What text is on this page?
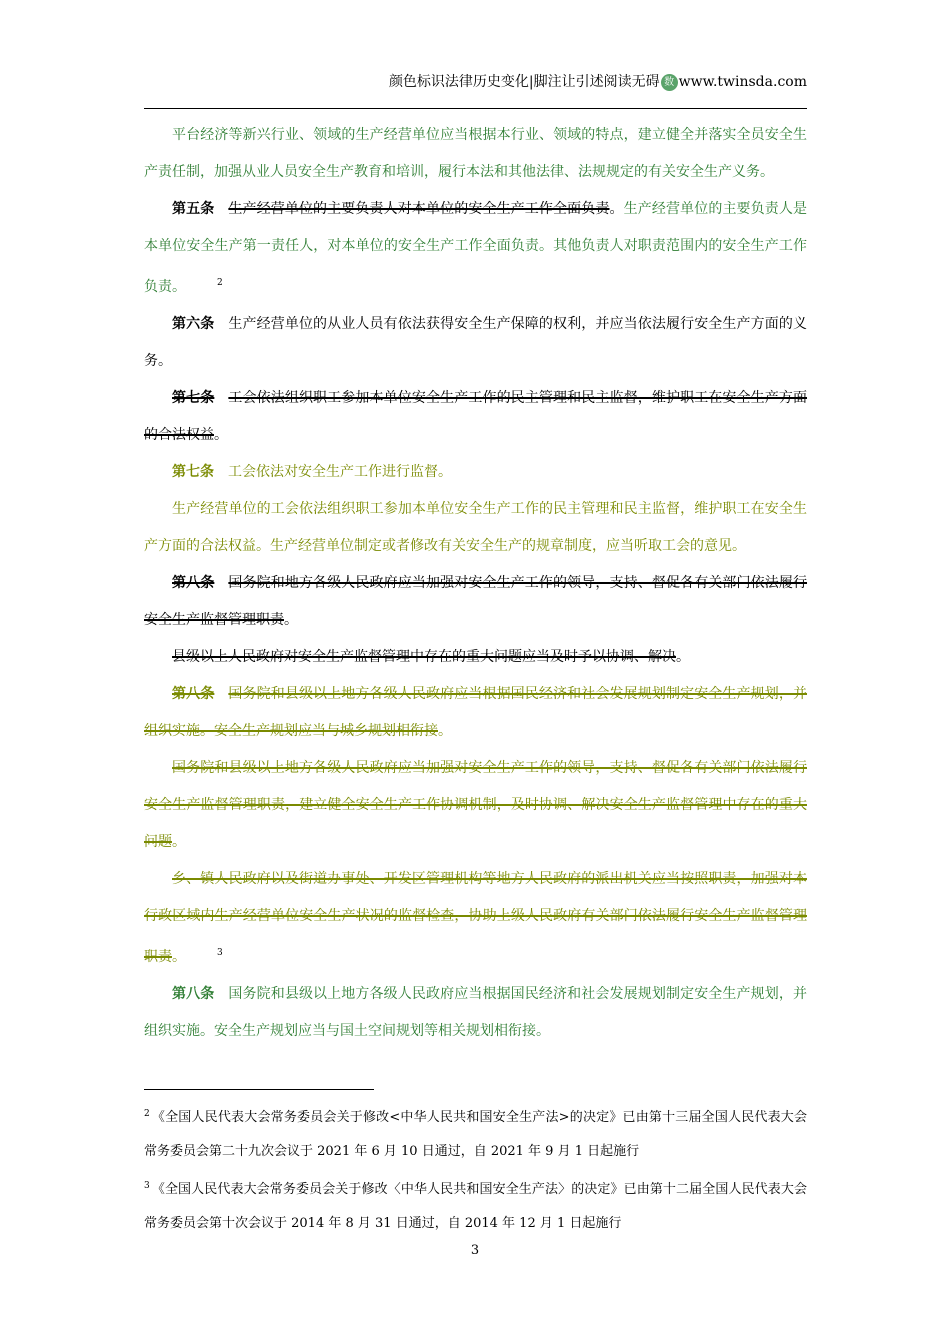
颜色标识法律历史变化|脚注让引述阅读无碍 数 www.twinsda.com

平台经济等新兴行业、领域的生产经营单位应当根据本行业、领域的特点，建立健全并落实全员安全生产责任制，加强从业人员安全生产教育和培训，履行本法和其他法律、法规规定的有关安全生产义务。

第五条 生产经营单位的主要负责人对本单位的安全生产工作全面负责。生产经营单位的主要负责人是本单位安全生产第一责任人，对本单位的安全生产工作全面负责。其他负责人对职责范围内的安全生产工作负责。	2

第六条 生产经营单位的从业人员有依法获得安全生产保障的权利，并应当依法履行安全生产方面的义务。

第七条 工会依法组织职工参加本单位安全生产工作的民主管理和民主监督，维护职工在安全生产方面的合法权益。

第七条 工会依法对安全生产工作进行监督。

生产经营单位的工会依法组织职工参加本单位安全生产工作的民主管理和民主监督，维护职工在安全生产方面的合法权益。生产经营单位制定或者修改有关安全生产的规章制度，应当听取工会的意见。

第八条 国务院和地方各级人民政府应当加强对安全生产工作的领导，支持、督促各有关部门依法履行安全生产监督管理职责。

县级以上人民政府对安全生产监督管理中存在的重大问题应当及时予以协调、解决。

第八条 国务院和县级以上地方各级人民政府应当根据国民经济和社会发展规划制定安全生产规划，并组织实施。安全生产规划应当与城乡规划相衔接。

国务院和县级以上地方各级人民政府应当加强对安全生产工作的领导，支持、督促各有关部门依法履行安全生产监督管理职责，建立健全安全生产工作协调机制，及时协调、解决安全生产监督管理中存在的重大问题。

乡、镇人民政府以及街道办事处、开发区管理机构等地方人民政府的派出机关应当按照职责，加强对本行政区域内生产经营单位安全生产状况的监督检查，协助上级人民政府有关部门依法履行安全生产监督管理职责。	3

第八条 国务院和县级以上地方各级人民政府应当根据国民经济和社会发展规划制定安全生产规划，并组织实施。安全生产规划应当与国土空间规划等相关规划相衔接。

2 《全国人民代表大会常务委员会关于修改<中华人民共和国安全生产法>的决定》已由第十三届全国人民代表大会常务委员会第二十九次会议于 2021 年 6 月 10 日通过，自 2021 年 9 月 1 日起施行

3 《全国人民代表大会常务委员会关于修改〈中华人民共和国安全生产法〉的决定》已由第十二届全国人民代表大会常务委员会第十次会议于 2014 年 8 月 31 日通过，自 2014 年 12 月 1 日起施行

3
